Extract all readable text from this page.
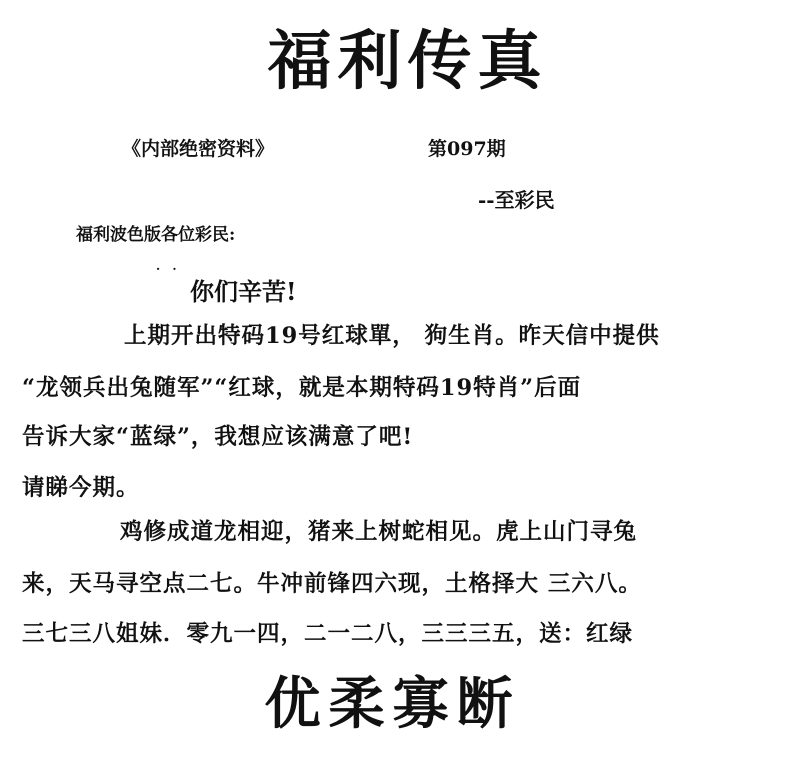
福利传真
《内部绝密资料》	第097期
--至彩民
福利波色版各位彩民:
· ·
你们辛苦!
上期开出特码19号红球單， 狗生肖。昨天信中提供
“龙领兵出兔随军”“红球，就是本期特码19特肖”后面
告诉大家“蓝绿”，我想应该满意了吧!
请睇今期。
鸡修成道龙相迎，猪来上树蛇相见。虎上山门寻兔
来，天马寻空点二七。牛冲前锋四六现，土格择大 三六八。
三七三八姐妹．零九一四，二一二八，三三三五，送：红绿
优柔寡断
